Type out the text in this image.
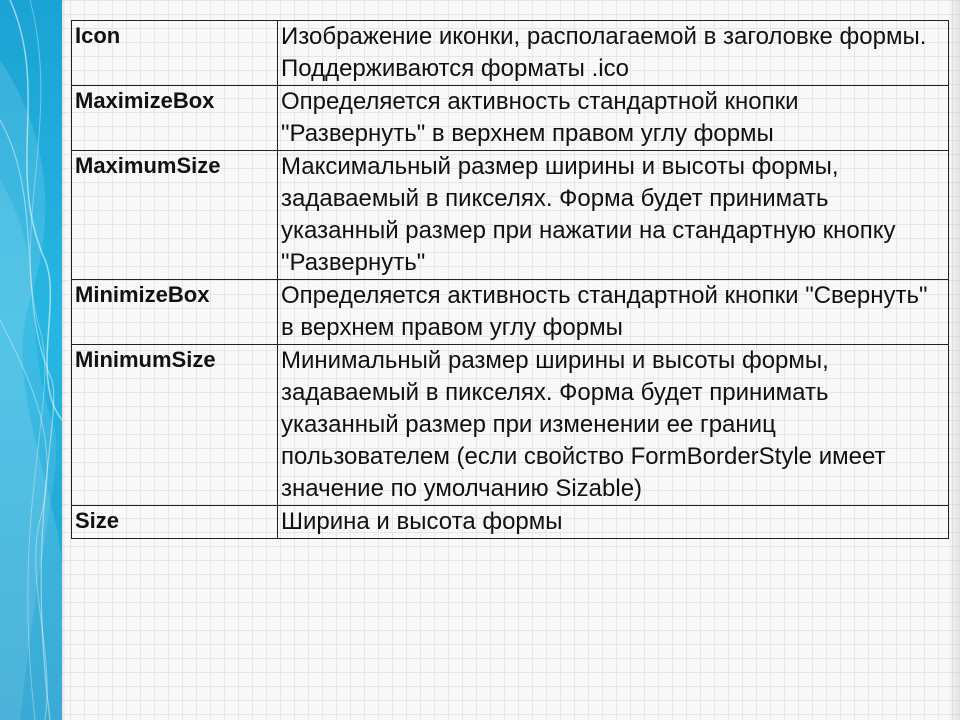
Icon	Изображение иконки, располагаемой в заголовке формы. Поддерживаются форматы .ico
MaximizeBox	Определяется активность стандартной кнопки "Развернуть" в верхнем правом углу формы
MaximumSize	Максимальный размер ширины и высоты формы, задаваемый в пикселях. Форма будет принимать указанный размер при нажатии на стандартную кнопку "Развернуть"
MinimizeBox	Определяется активность стандартной кнопки "Свернуть" в верхнем правом углу формы
MinimumSize	Минимальный размер ширины и высоты формы, задаваемый в пикселях. Форма будет принимать указанный размер при изменении ее границ пользователем (если свойство FormBorderStyle имеет значение по умолчанию Sizable)
Size	Ширина и высота формы
